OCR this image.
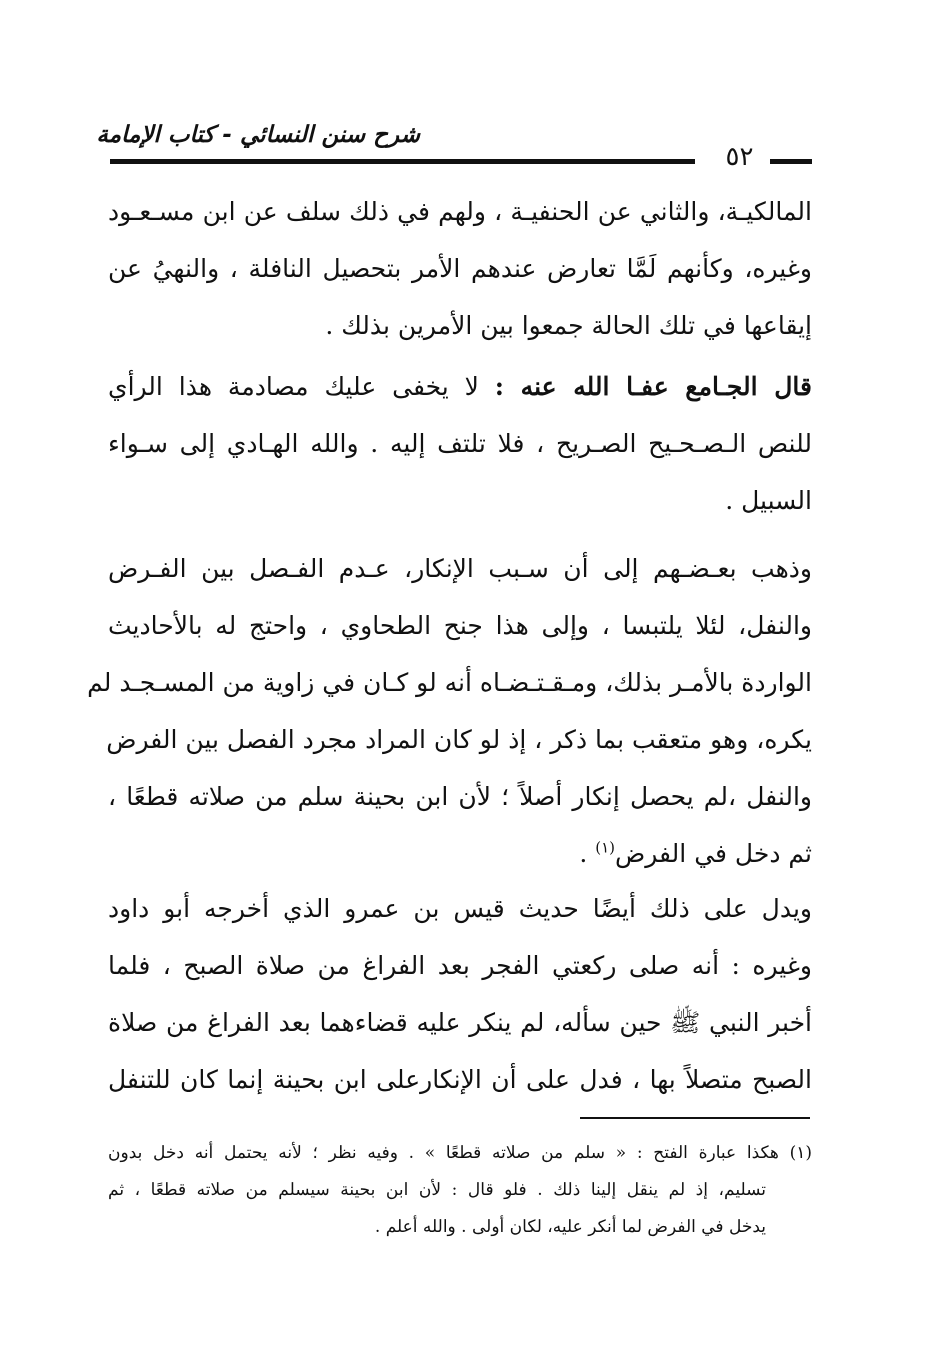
شرح سنن النسائي - كتاب الإمامة
٥٢
المالكيـة، والثاني عن الحنفيـة ، ولهم في ذلك سلف عن ابن مسـعـود
وغيره، وكأنهم لَمَّا تعارض عندهم الأمر بتحصيل النافلة ، والنهيُ عن
إيقاعها في تلك الحالة جمعوا بين الأمرين بذلك .
قال الجـامع عفـا الله عنه : لا يخفى عليك مصادمة هذا الرأي
للنص الـصـحـيح الصـريح ، فلا تلتف إليه . والله الهـادي إلى سـواء
السبيل .
وذهب بعـضـهم إلى أن سـبب الإنكار، عـدم الفـصل بين الفـرض
والنفل، لئلا يلتبسا ، وإلى هذا جنح الطحاوي ، واحتج له بالأحاديث
الواردة بالأمـر بذلك، ومـقـتـضـاه أنه لو كـان في زاوية من المسـجـد لم
يكره، وهو متعقب بما ذكر ، إذ لو كان المراد مجرد الفصل بين الفرض
والنفل ،لم يحصل إنكار أصلاً ؛ لأن ابن بحينة سلم من صلاته قطعًا ،
ثم دخل في الفرض$^{(١)}$ .
ويدل على ذلك أيضًا حديث قيس بن عمرو الذي أخرجه أبو داود
وغيره : أنه صلى ركعتي الفجر بعد الفراغ من صلاة الصبح ، فلما
أخبر النبي ﷺ حين سأله، لم ينكر عليه قضاءهما بعد الفراغ من صلاة
الصبح متصلاً بها ، فدل على أن الإنكارعلى ابن بحينة إنما كان للتنفل
(١) هكذا عبارة الفتح : « سلم من صلاته قطعًا » . وفيه نظر ؛ لأنه يحتمل أنه دخل بدون
تسليم، إذ لم ينقل إلينا ذلك . فلو قال : لأن ابن بحينة سيسلم من صلاته قطعًا ، ثم
يدخل في الفرض لما أنكر عليه، لكان أولى . والله أعلم .
